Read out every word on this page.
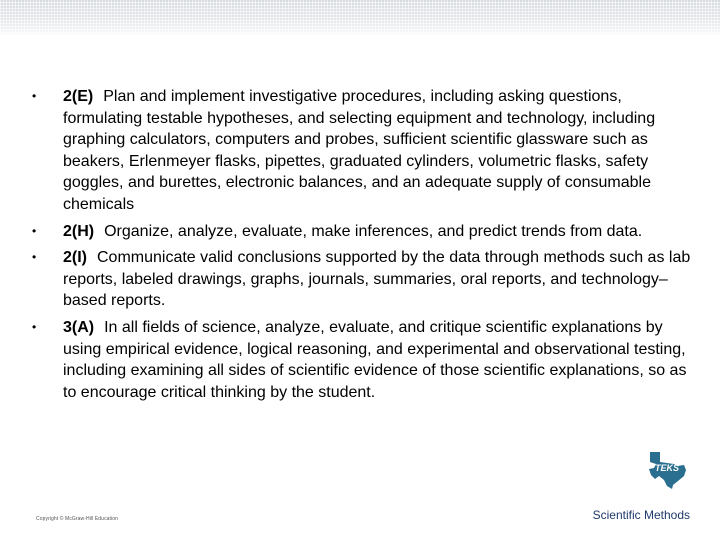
• 2(E) Plan and implement investigative procedures, including asking questions, formulating testable hypotheses, and selecting equipment and technology, including graphing calculators, computers and probes, sufficient scientific glassware such as beakers, Erlenmeyer flasks, pipettes, graduated cylinders, volumetric flasks, safety goggles, and burettes, electronic balances, and an adequate supply of consumable chemicals
• 2(H) Organize, analyze, evaluate, make inferences, and predict trends from data.
• 2(I) Communicate valid conclusions supported by the data through methods such as lab reports, labeled drawings, graphs, journals, summaries, oral reports, and technology–based reports.
• 3(A) In all fields of science, analyze, evaluate, and critique scientific explanations by using empirical evidence, logical reasoning, and experimental and observational testing, including examining all sides of scientific evidence of those scientific explanations, so as to encourage critical thinking by the student.
TEKS
Copyright © McGraw-Hill Education	Scientific Methods
